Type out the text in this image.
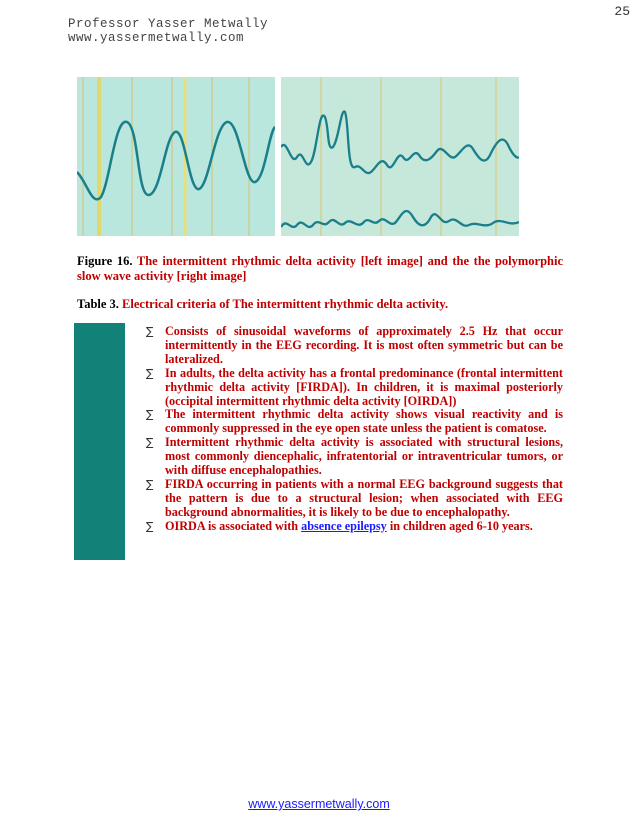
25
Professor Yasser Metwally
www.yassermetwally.com
Figure 16. The intermittent rhythmic delta activity [left image] and the the polymorphic slow wave activity [right image]
Table 3. Electrical criteria of The intermittent rhythmic delta activity.
∑ Consists of sinusoidal waveforms of approximately 2.5 Hz that occur intermittently in the EEG recording. It is most often symmetric but can be lateralized.
∑ In adults, the delta activity has a frontal predominance (frontal intermittent rhythmic delta activity [FIRDA]). In children, it is maximal posteriorly (occipital intermittent rhythmic delta activity [OIRDA])
∑ The intermittent rhythmic delta activity shows visual reactivity and is commonly suppressed in the eye open state unless the patient is comatose.
∑ Intermittent rhythmic delta activity is associated with structural lesions, most commonly diencephalic, infratentorial or intraventricular tumors, or with diffuse encephalopathies.
∑ FIRDA occurring in patients with a normal EEG background suggests that the pattern is due to a structural lesion; when associated with EEG background abnormalities, it is likely to be due to encephalopathy.
∑ OIRDA is associated with absence epilepsy in children aged 6-10 years.
www.yassermetwally.com
